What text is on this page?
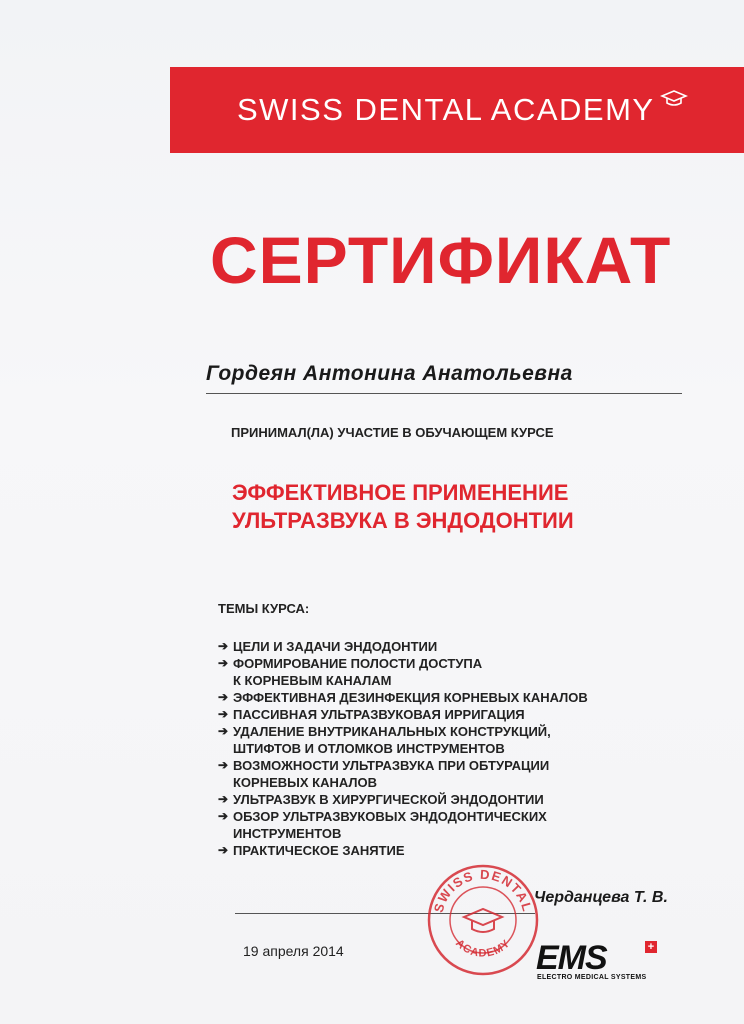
SWISS DENTAL ACADEMY
СЕРТИФИКАТ
Гордеян Антонина Анатольевна
ПРИНИМАЛ(ЛА) УЧАСТИЕ В ОБУЧАЮЩЕМ КУРСЕ
ЭФФЕКТИВНОЕ ПРИМЕНЕНИЕ
УЛЬТРАЗВУКА В ЭНДОДОНТИИ
ТЕМЫ КУРСА:
➔ ЦЕЛИ И ЗАДАЧИ ЭНДОДОНТИИ
➔ ФОРМИРОВАНИЕ ПОЛОСТИ ДОСТУПА
К КОРНЕВЫМ КАНАЛАМ
➔ ЭФФЕКТИВНАЯ ДЕЗИНФЕКЦИЯ КОРНЕВЫХ КАНАЛОВ
➔ ПАССИВНАЯ УЛЬТРАЗВУКОВАЯ ИРРИГАЦИЯ
➔ УДАЛЕНИЕ ВНУТРИКАНАЛЬНЫХ КОНСТРУКЦИЙ,
ШТИФТОВ И ОТЛОМКОВ ИНСТРУМЕНТОВ
➔ ВОЗМОЖНОСТИ УЛЬТРАЗВУКА ПРИ ОБТУРАЦИИ
КОРНЕВЫХ КАНАЛОВ
➔ УЛЬТРАЗВУК В ХИРУРГИЧЕСКОЙ ЭНДОДОНТИИ
➔ ОБЗОР УЛЬТРАЗВУКОВЫХ ЭНДОДОНТИЧЕСКИХ
ИНСТРУМЕНТОВ
➔ ПРАКТИЧЕСКОЕ ЗАНЯТИЕ
Черданцева Т. В.
19 апреля 2014
SWISS DENTAL
ACADEMY EMS	+
ELECTRO MEDICAL SYSTEMS
